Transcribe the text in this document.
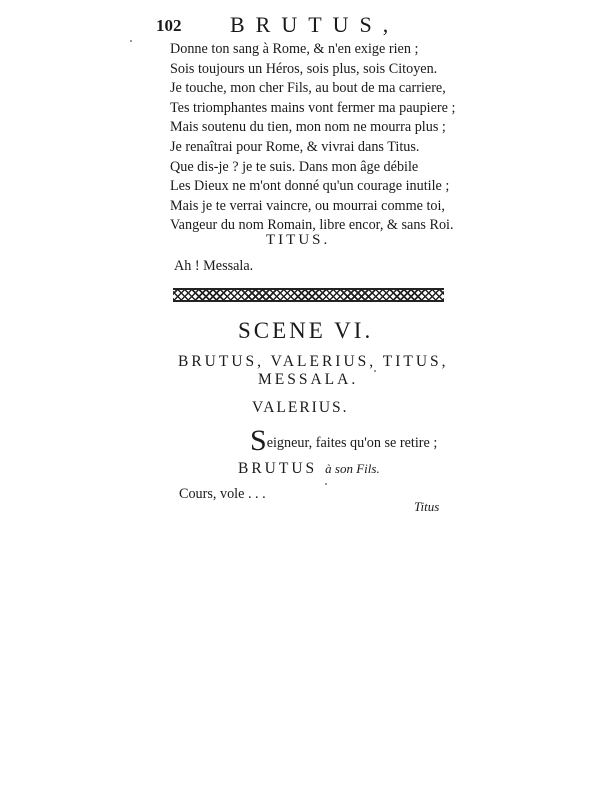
102 BRUTUS,
Donne ton sang à Rome, & n'en exige rien ;
Sois toujours un Héros, sois plus, sois Citoyen.
Je touche, mon cher Fils, au bout de ma carriere,
Tes triomphantes mains vont fermer ma paupiere ;
Mais soutenu du tien, mon nom ne mourra plus ;
Je renaîtrai pour Rome, & vivrai dans Titus.
Que dis-je ? je te suis. Dans mon âge débile
Les Dieux ne m'ont donné qu'un courage inutile ;
Mais je te verrai vaincre, ou mourrai comme toi,
Vangeur du nom Romain, libre encor, & sans Roi.
TITUS.
Ah ! Messala.
SCENE VI.
BRUTUS, VALERIUS, TITUS,
MESSALA.
VALERIUS.
Seigneur, faites qu'on se retire ;
BRUTUS à son Fils.
Cours, vole . . .
Titus
